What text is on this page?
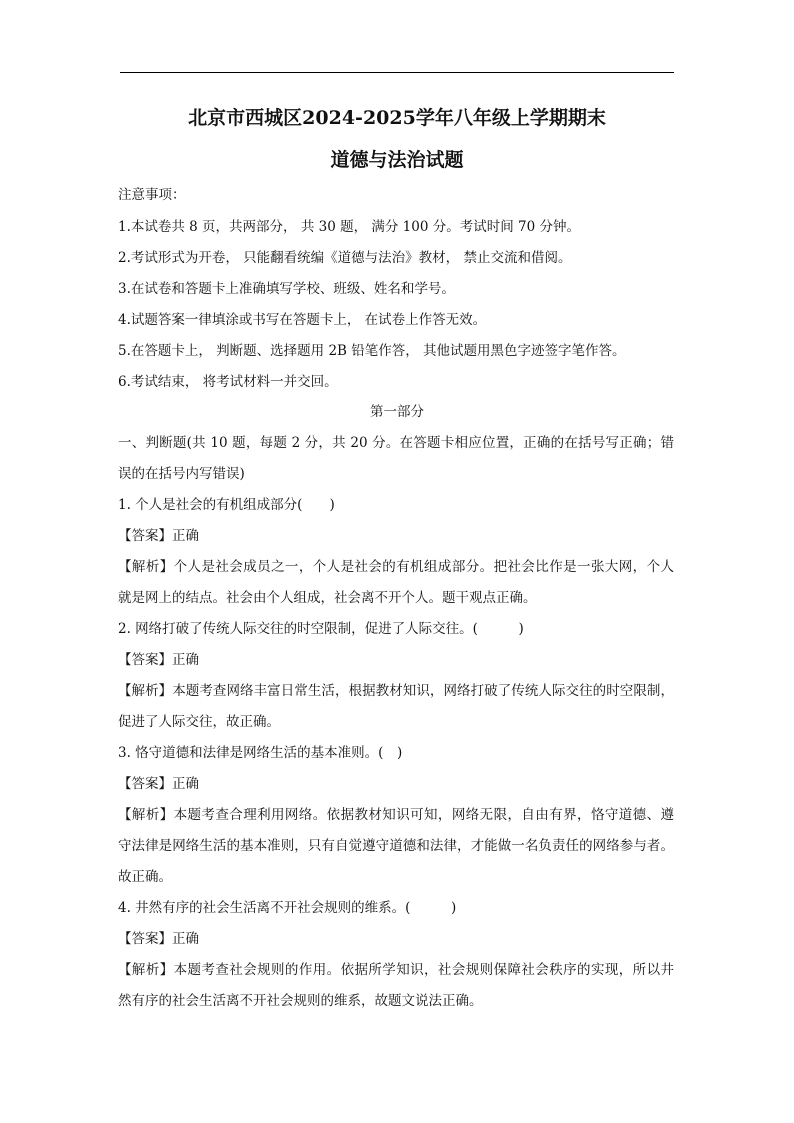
北京市西城区2024-2025学年八年级上学期期末
道德与法治试题
注意事项：
1.本试卷共 8 页，共两部分， 共 30 题， 满分 100 分。考试时间 70 分钟。
2.考试形式为开卷， 只能翻看统编《道德与法治》教材， 禁止交流和借阅。
3.在试卷和答题卡上准确填写学校、班级、姓名和学号。
4.试题答案一律填涂或书写在答题卡上， 在试卷上作答无效。
5.在答题卡上， 判断题、选择题用 2B 铅笔作答， 其他试题用黑色字迹签字笔作答。
6.考试结束， 将考试材料一并交回。
第一部分
一、判断题(共 10 题，每题 2 分，共 20 分。在答题卡相应位置，正确的在括号写正确；错
误的在括号内写错误)
1. 个人是社会的有机组成部分(　　)
【答案】正确
【解析】个人是社会成员之一，个人是社会的有机组成部分。把社会比作是一张大网，个人
就是网上的结点。社会由个人组成，社会离不开个人。题干观点正确。
2. 网络打破了传统人际交往的时空限制，促进了人际交往。(　　　)
【答案】正确
【解析】本题考查网络丰富日常生活，根据教材知识，网络打破了传统人际交往的时空限制，
促进了人际交往，故正确。
3. 恪守道德和法律是网络生活的基本准则。(　)
【答案】正确
【解析】本题考查合理利用网络。依据教材知识可知，网络无限，自由有界，恪守道德、遵
守法律是网络生活的基本准则，只有自觉遵守道德和法律，才能做一名负责任的网络参与者。
故正确。
4. 井然有序的社会生活离不开社会规则的维系。(　　　)
【答案】正确
【解析】本题考查社会规则的作用。依据所学知识，社会规则保障社会秩序的实现，所以井
然有序的社会生活离不开社会规则的维系，故题文说法正确。
